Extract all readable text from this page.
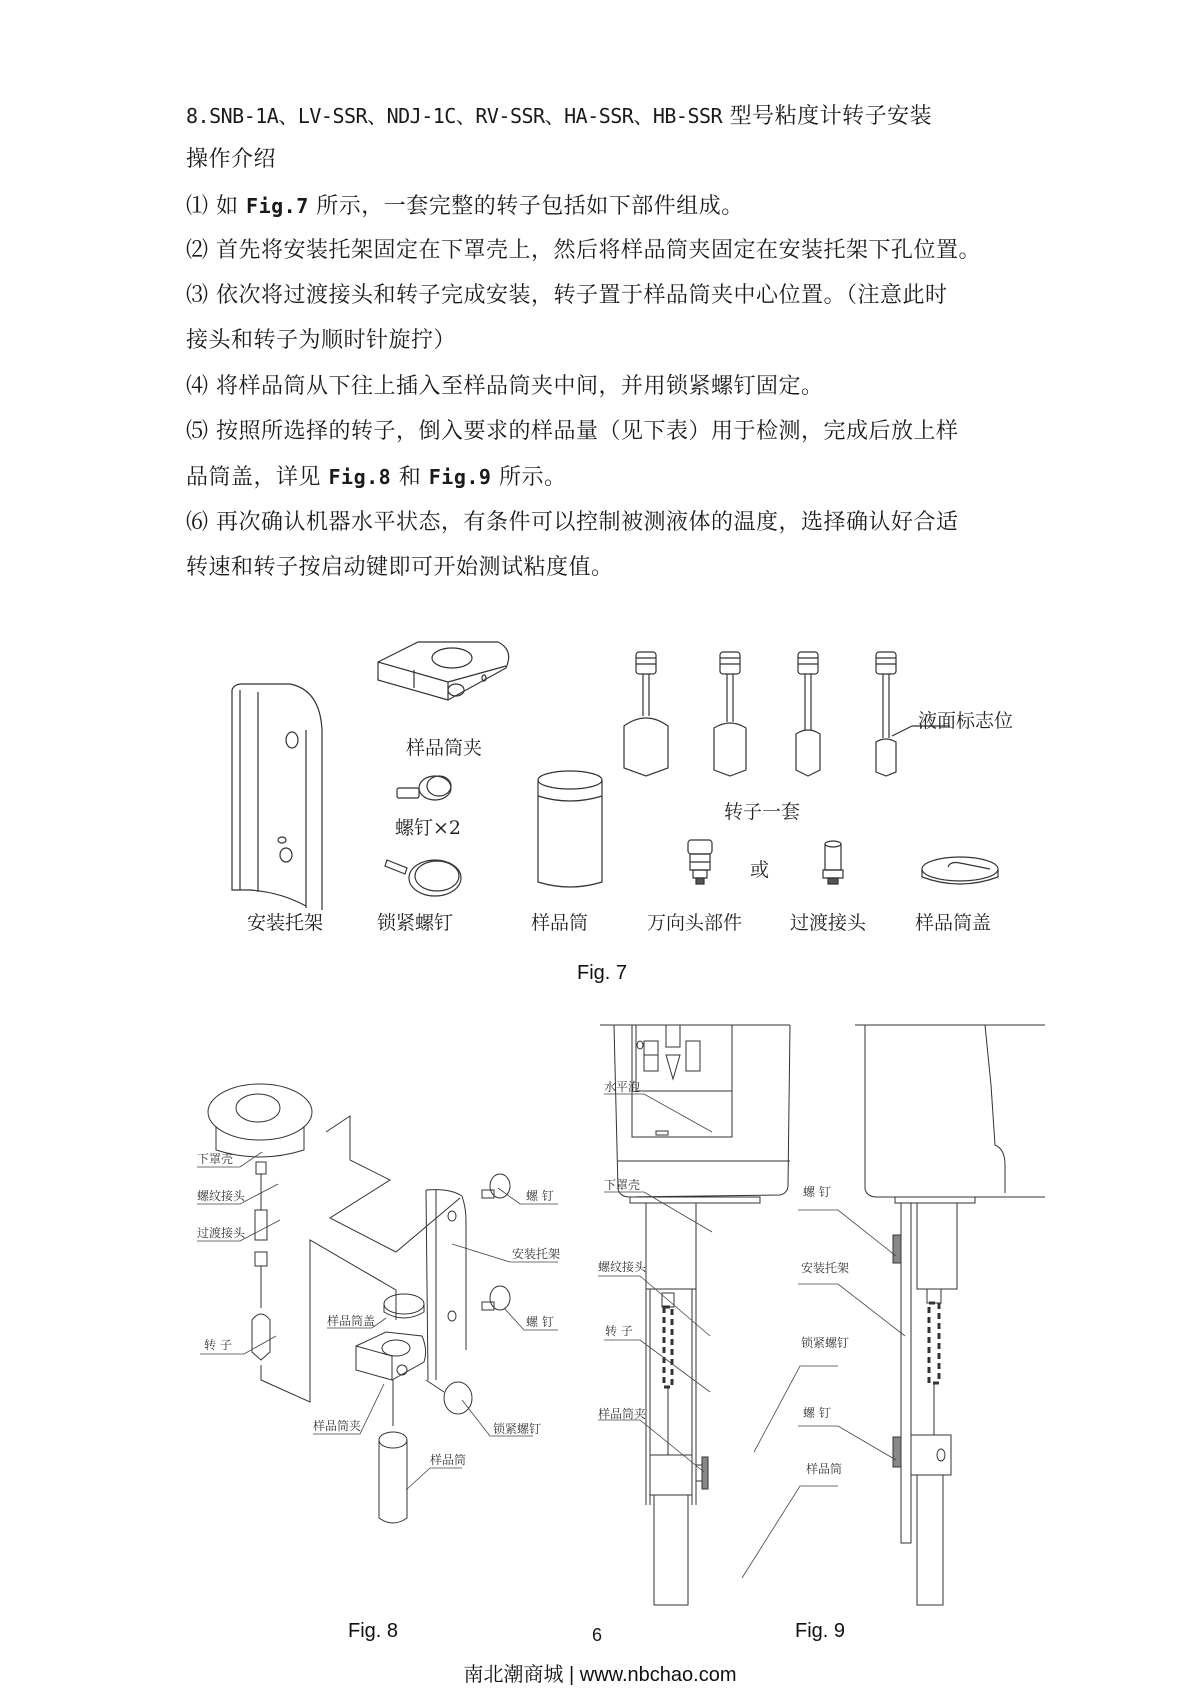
8.SNB-1A、LV-SSR、NDJ-1C、RV-SSR、HA-SSR、HB-SSR 型号粘度计转子安装
操作介绍
⑴ 如 Fig.7 所示，一套完整的转子包括如下部件组成。
⑵ 首先将安装托架固定在下罩壳上，然后将样品筒夹固定在安装托架下孔位置。
⑶ 依次将过渡接头和转子完成安装，转子置于样品筒夹中心位置。（注意此时
接头和转子为顺时针旋拧）
⑷ 将样品筒从下往上插入至样品筒夹中间，并用锁紧螺钉固定。
⑸ 按照所选择的转子，倒入要求的样品量（见下表）用于检测，完成后放上样
品筒盖，详见 Fig.8 和 Fig.9 所示。
⑹ 再次确认机器水平状态，有条件可以控制被测液体的温度，选择确认好合适
转速和转子按启动键即可开始测试粘度值。
样品筒夹
螺钉×2
转子一套
液面标志位
或
安装托架	锁紧螺钉	样品筒	万向头部件	过渡接头	样品筒盖
Fig. 7
下罩壳
螺纹接头
过渡接头
转 子
螺 钉
安装托架
样品筒盖	螺 钉
样品筒夹	锁紧螺钉
样品筒
Fig. 8
水平泡
下罩壳
螺纹接头
转 子
样品筒夹
螺 钉
安装托架
锁紧螺钉
螺 钉
样品筒
Fig. 9
6
南北潮商城 | www.nbchao.com
